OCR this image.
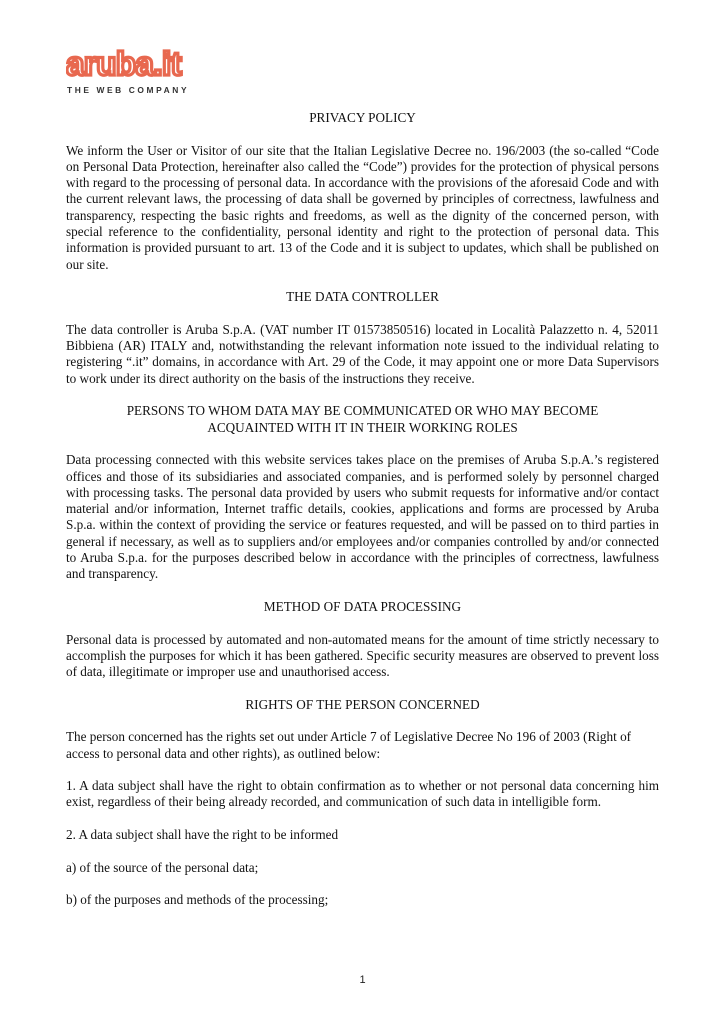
aruba.it
THE WEB COMPANY
PRIVACY POLICY

We inform the User or Visitor of our site that the Italian Legislative Decree no. 196/2003 (the so-called “Code on Personal Data Protection, hereinafter also called the “Code”) provides for the protection of physical persons with regard to the processing of personal data. In accordance with the provisions of the aforesaid Code and with the current relevant laws, the processing of data shall be governed by principles of correctness, lawfulness and transparency, respecting the basic rights and freedoms, as well as the dignity of the concerned person, with special reference to the confidentiality, personal identity and right to the protection of personal data. This information is provided pursuant to art. 13 of the Code and it is subject to updates, which shall be published on our site.

THE DATA CONTROLLER

The data controller is Aruba S.p.A. (VAT number IT 01573850516) located in Località Palazzetto n. 4, 52011 Bibbiena (AR) ITALY and, notwithstanding the relevant information note issued to the individual relating to registering “.it” domains, in accordance with Art. 29 of the Code, it may appoint one or more Data Supervisors to work under its direct authority on the basis of the instructions they receive.

PERSONS TO WHOM DATA MAY BE COMMUNICATED OR WHO MAY BECOME ACQUAINTED WITH IT IN THEIR WORKING ROLES

Data processing connected with this website services takes place on the premises of Aruba S.p.A.’s registered offices and those of its subsidiaries and associated companies, and is performed solely by personnel charged with processing tasks. The personal data provided by users who submit requests for informative and/or contact material and/or information, Internet traffic details, cookies, applications and forms are processed by Aruba S.p.a. within the context of providing the service or features requested, and will be passed on to third parties in general if necessary, as well as to suppliers and/or employees and/or companies controlled by and/or connected to Aruba S.p.a. for the purposes described below in accordance with the principles of correctness, lawfulness and transparency.

METHOD OF DATA PROCESSING

Personal data is processed by automated and non-automated means for the amount of time strictly necessary to accomplish the purposes for which it has been gathered. Specific security measures are observed to prevent loss of data, illegitimate or improper use and unauthorised access.

RIGHTS OF THE PERSON CONCERNED

The person concerned has the rights set out under Article 7 of Legislative Decree No 196 of 2003 (Right of access to personal data and other rights), as outlined below:

1. A data subject shall have the right to obtain confirmation as to whether or not personal data concerning him exist, regardless of their being already recorded, and communication of such data in intelligible form.

2. A data subject shall have the right to be informed

a) of the source of the personal data;

b) of the purposes and methods of the processing;

1
